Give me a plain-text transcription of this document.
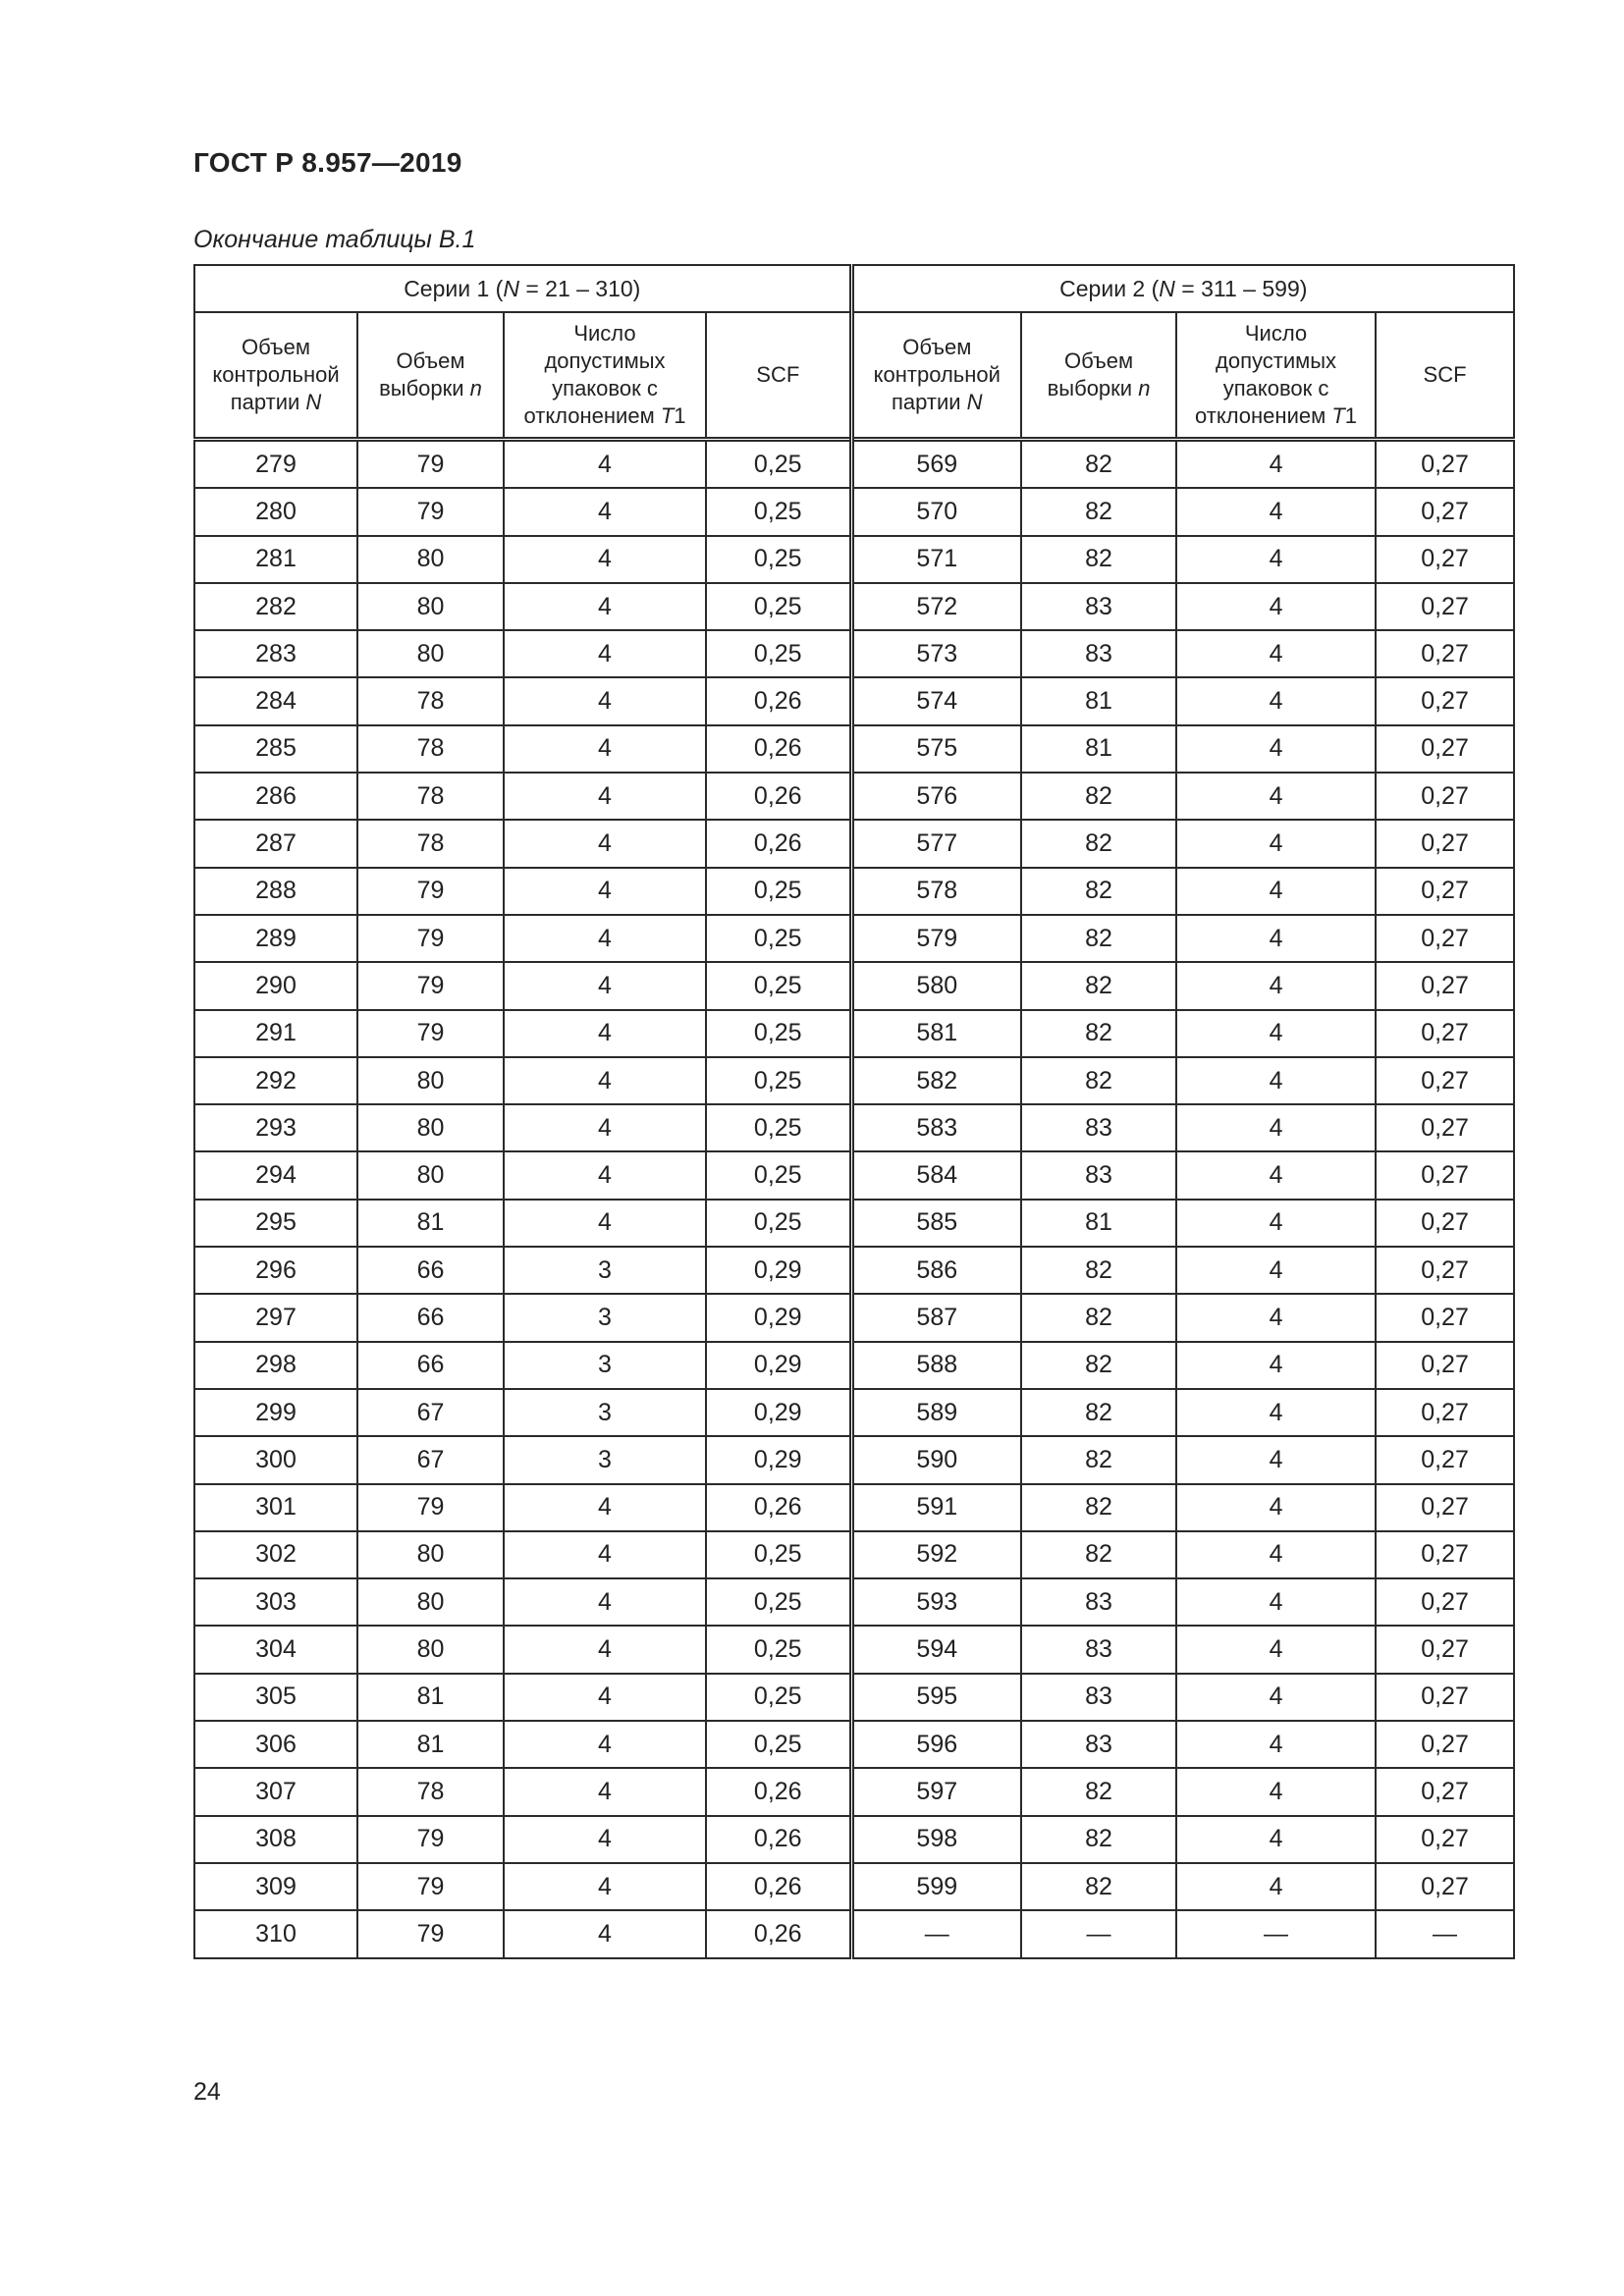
ГОСТ Р 8.957—2019
Окончание таблицы В.1
Серии 1 (N = 21 – 310)				Серии 2 (N = 311 – 599)			
Объем
контрольной
партии N	Объем
выборки n	Число
допустимых
упаковок с
отклонением T1	SCF	Объем
контрольной
партии N	Объем
выборки n	Число
допустимых
упаковок с
отклонением T1	SCF
279	79	4	0,25	569	82	4	0,27
280	79	4	0,25	570	82	4	0,27
281	80	4	0,25	571	82	4	0,27
282	80	4	0,25	572	83	4	0,27
283	80	4	0,25	573	83	4	0,27
284	78	4	0,26	574	81	4	0,27
285	78	4	0,26	575	81	4	0,27
286	78	4	0,26	576	82	4	0,27
287	78	4	0,26	577	82	4	0,27
288	79	4	0,25	578	82	4	0,27
289	79	4	0,25	579	82	4	0,27
290	79	4	0,25	580	82	4	0,27
291	79	4	0,25	581	82	4	0,27
292	80	4	0,25	582	82	4	0,27
293	80	4	0,25	583	83	4	0,27
294	80	4	0,25	584	83	4	0,27
295	81	4	0,25	585	81	4	0,27
296	66	3	0,29	586	82	4	0,27
297	66	3	0,29	587	82	4	0,27
298	66	3	0,29	588	82	4	0,27
299	67	3	0,29	589	82	4	0,27
300	67	3	0,29	590	82	4	0,27
301	79	4	0,26	591	82	4	0,27
302	80	4	0,25	592	82	4	0,27
303	80	4	0,25	593	83	4	0,27
304	80	4	0,25	594	83	4	0,27
305	81	4	0,25	595	83	4	0,27
306	81	4	0,25	596	83	4	0,27
307	78	4	0,26	597	82	4	0,27
308	79	4	0,26	598	82	4	0,27
309	79	4	0,26	599	82	4	0,27
310	79	4	0,26	—	—	—	—
24
